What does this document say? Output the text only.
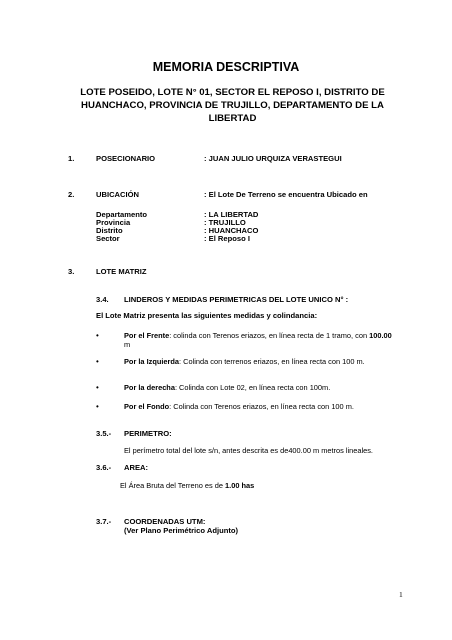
MEMORIA DESCRIPTIVA
LOTE POSEIDO, LOTE N° 01, SECTOR EL REPOSO I, DISTRITO DE HUANCHACO, PROVINCIA DE TRUJILLO, DEPARTAMENTO DE LA LIBERTAD
1.	POSECIONARIO	: JUAN JULIO URQUIZA VERASTEGUI
2.	UBICACIÓN	: El Lote De Terreno se encuentra Ubicado en
Departamento	: LA LIBERTAD
Provincia	: TRUJILLO
Distrito	: HUANCHACO
Sector	: El Reposo I
3.	LOTE MATRIZ
3.4. LINDEROS Y MEDIDAS PERIMETRICAS DEL LOTE UNICO N° :
El Lote Matriz presenta las siguientes medidas y colindancia:
•	Por el Frente: colinda con Terenos eriazos, en línea recta de 1 tramo, con 100.00
m
•	Por la Izquierda: Colinda con terrenos eriazos, en línea recta con 100 m.
•	Por la derecha: Colinda con Lote 02, en línea recta con 100m.
•	Por el Fondo: Colinda con Terenos eriazos, en línea recta con 100 m.
3.5.- PERIMETRO:
El perímetro total del lote s/n, antes descrita es de400.00 m metros lineales.
3.6.- AREA:
El Área Bruta del Terreno es de 1.00 has
3.7.- COORDENADAS UTM:
(Ver Plano Perimétrico Adjunto)
1
